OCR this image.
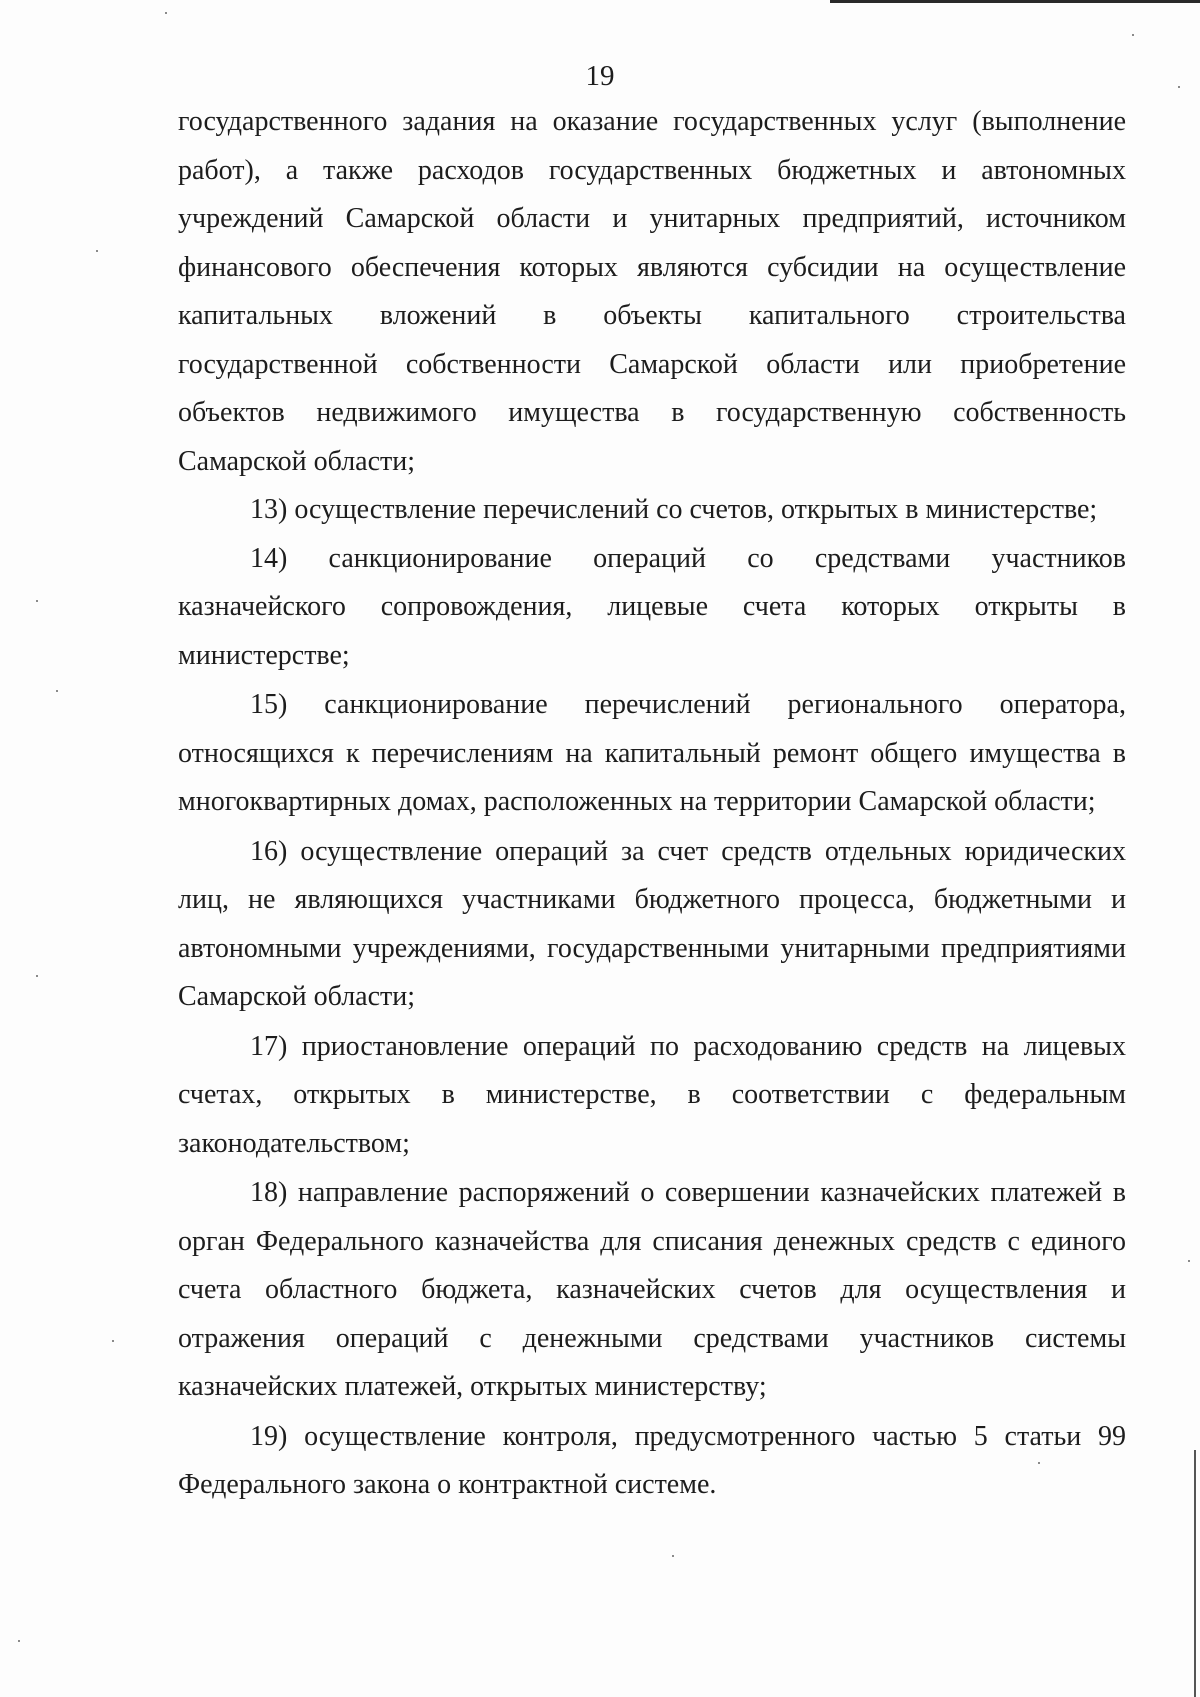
19

государственного задания на оказание государственных услуг (выполнение работ), а также расходов государственных бюджетных и автономных учреждений Самарской области и унитарных предприятий, источником финансового обеспечения которых являются субсидии на осуществление капитальных вложений в объекты капитального строительства государственной собственности Самарской области или приобретение объектов недвижимого имущества в государственную собственность Самарской области;

13) осуществление перечислений со счетов, открытых в министерстве;

14) санкционирование операций со средствами участников казначейского сопровождения, лицевые счета которых открыты в министерстве;

15) санкционирование перечислений регионального оператора, относящихся к перечислениям на капитальный ремонт общего имущества в многоквартирных домах, расположенных на территории Самарской области;

16) осуществление операций за счет средств отдельных юридических лиц, не являющихся участниками бюджетного процесса, бюджетными и автономными учреждениями, государственными унитарными предприятиями Самарской области;

17) приостановление операций по расходованию средств на лицевых счетах, открытых в министерстве, в соответствии с федеральным законодательством;

18) направление распоряжений о совершении казначейских платежей в орган Федерального казначейства для списания денежных средств с единого счета областного бюджета, казначейских счетов для осуществления и отражения операций с денежными средствами участников системы казначейских платежей, открытых министерству;

19) осуществление контроля, предусмотренного частью 5 статьи 99 Федерального закона о контрактной системе.
